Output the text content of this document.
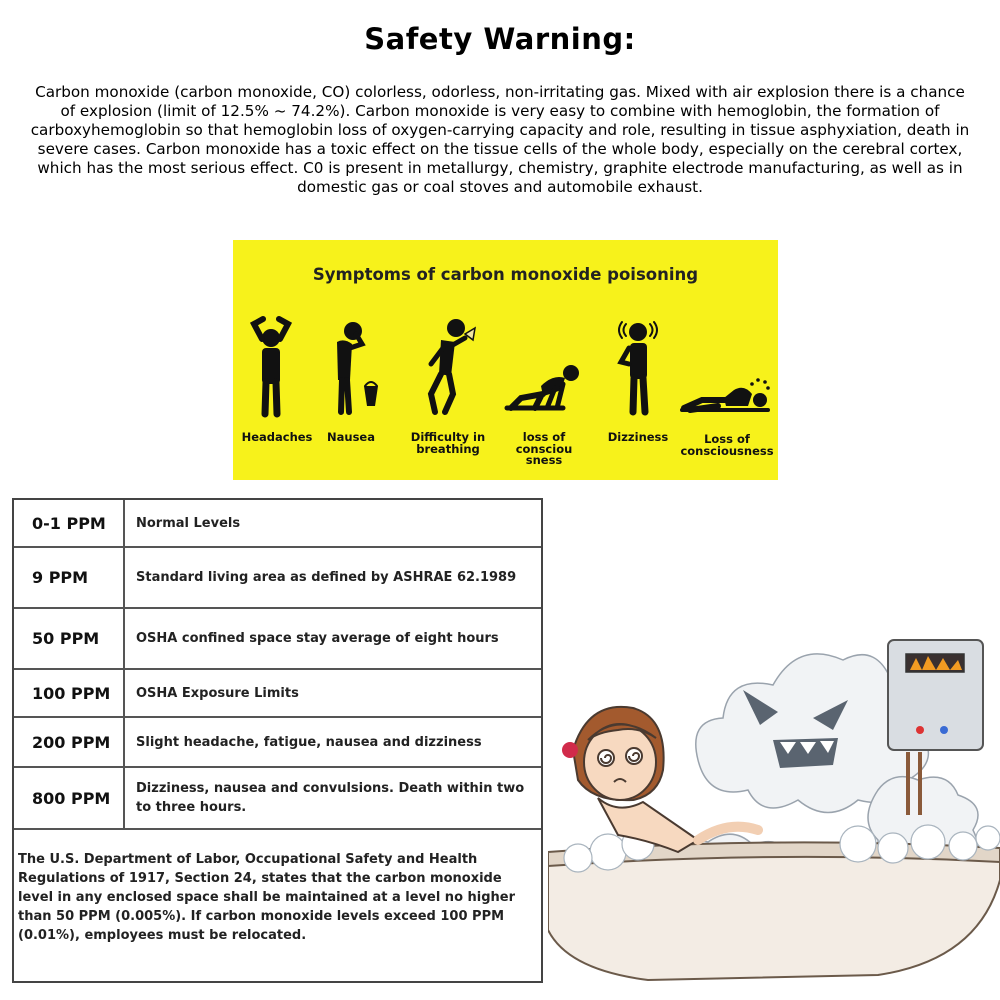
Safety Warning:
Carbon monoxide (carbon monoxide, CO) colorless, odorless, non-irritating gas. Mixed with air explosion there is a chance of explosion (limit of 12.5% ~ 74.2%). Carbon monoxide is very easy to combine with hemoglobin, the formation of carboxyhemoglobin so that hemoglobin loss of oxygen-carrying capacity and role, resulting in tissue asphyxiation, death in severe cases. Carbon monoxide has a toxic effect on the tissue cells of the whole body, especially on the cerebral cortex, which has the most serious effect. C0 is present in metallurgy, chemistry, graphite electrode manufacturing, as well as in domestic gas or coal stoves and automobile exhaust.
Symptoms of carbon monoxide poisoning
Headaches	Nausea	Difficulty in breathing
loss of consciou sness
Dizziness	Loss of consciousness
0-1 PPM	Normal Levels
9 PPM	Standard living area as defined by ASHRAE 62.1989
50 PPM	OSHA confined space stay average of eight hours
100 PPM	OSHA Exposure Limits
200 PPM	Slight headache, fatigue, nausea and dizziness
800 PPM	Dizziness, nausea and convulsions. Death within two to three hours.
The U.S. Department of Labor, Occupational Safety and Health Regulations of 1917, Section 24, states that the carbon monoxide level in any enclosed space shall be maintained at a level no higher than 50 PPM (0.005%). If carbon monoxide levels exceed 100 PPM (0.01%), employees must be relocated.
